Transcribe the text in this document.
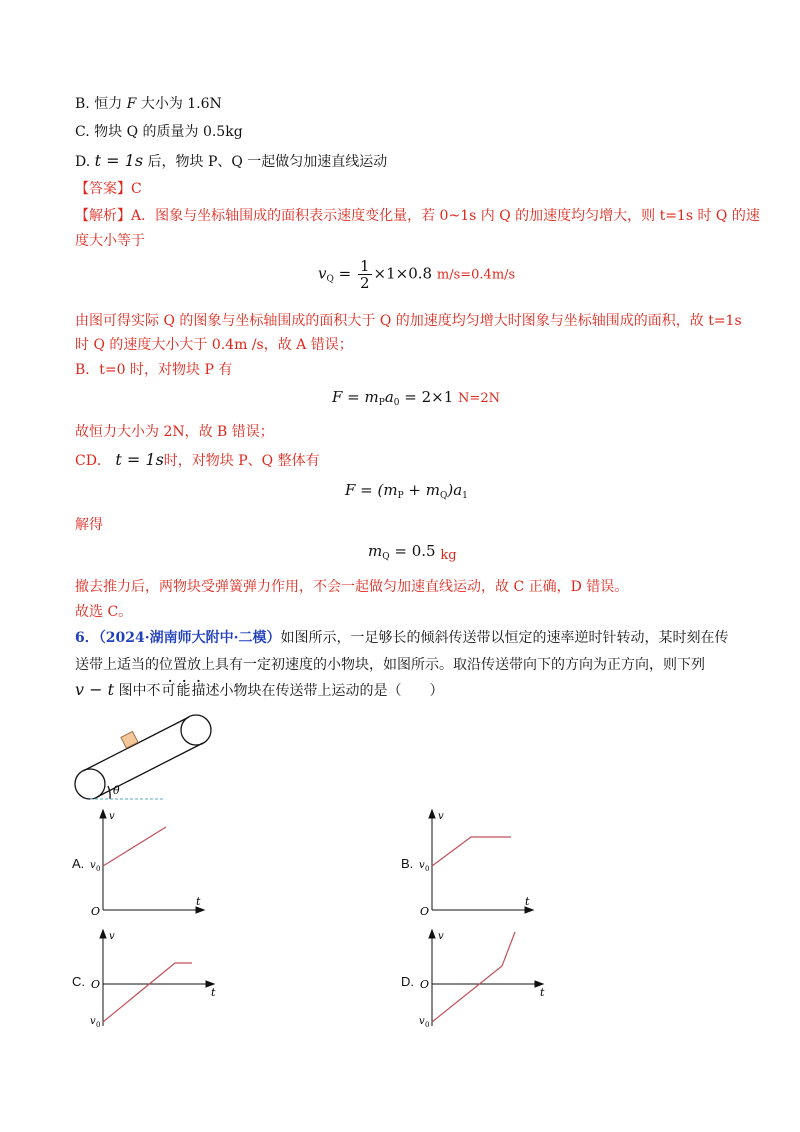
B. 恒力 F 大小为 1.6N
C. 物块 Q 的质量为 0.5kg
D. t = 1s 后，物块 P、Q 一起做匀加速直线运动
【答案】C
【解析】A．图象与坐标轴围成的面积表示速度变化量，若 0~1s 内 Q 的加速度均匀增大，则 t=1s 时 Q 的速
度大小等于
$v_Q = \frac{1}{2} \times 1\times 0.8$ m/s=0.4m/s
由图可得实际 Q 的图象与坐标轴围成的面积大于 Q 的加速度均匀增大时图象与坐标轴围成的面积，故 t=1s
时 Q 的速度大小大于 0.4m /s，故 A 错误；
B．t=0 时，对物块 P 有
$F = m_Pa_0 = 2\times 1$ N=2N
故恒力大小为 2N，故 B 错误；
CD． t = 1s时，对物块 P、Q 整体有
$F = (m_P + m_Q)a_1$
解得
$m_Q = 0.5$ kg
撤去推力后，两物块受弹簧弹力作用，不会一起做匀加速直线运动，故 C 正确，D 错误。
故选 C。
6．（2024·湖南师大附中·二模）如图所示，一足够长的倾斜传送带以恒定的速率逆时针转动，某时刻在传
送带上适当的位置放上具有一定初速度的小物块，如图所示。取沿传送带向下的方向为正方向，则下列
v − t 图中不可能描述小物块在传送带上运动的是（　　）
···
θ
A.
v
t
O
v 0	B.
v
t
O
v 0
C.
v
t
O
v 0
D.
v
t
O
v 0
